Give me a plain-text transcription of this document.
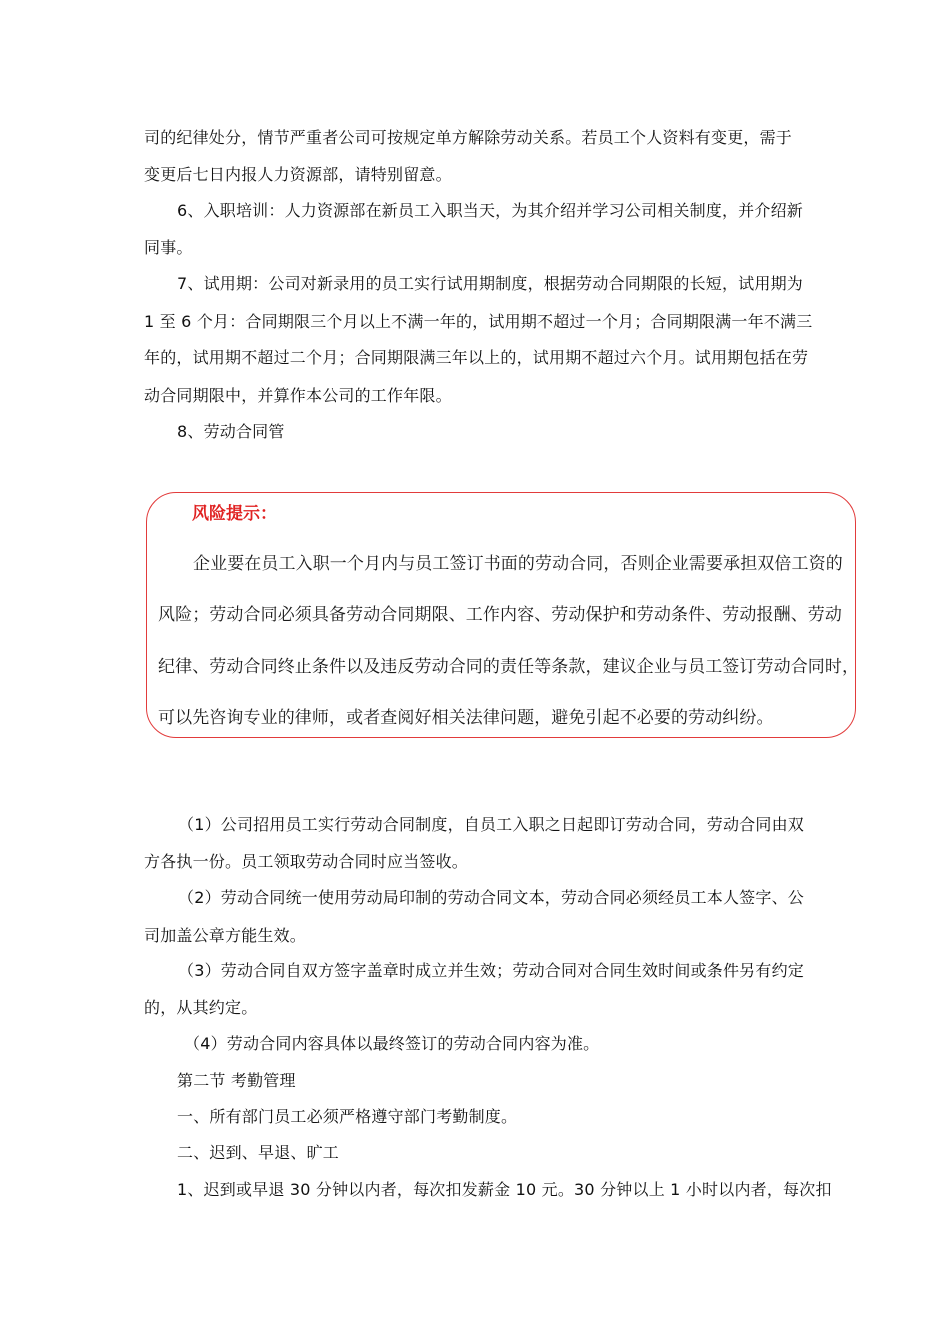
司的纪律处分，情节严重者公司可按规定单方解除劳动关系。若员工个人资料有变更，需于
变更后七日内报人力资源部，请特别留意。
6、入职培训：人力资源部在新员工入职当天，为其介绍并学习公司相关制度，并介绍新
同事。
7、试用期：公司对新录用的员工实行试用期制度，根据劳动合同期限的长短，试用期为
1 至 6 个月：合同期限三个月以上不满一年的，试用期不超过一个月；合同期限满一年不满三
年的，试用期不超过二个月；合同期限满三年以上的，试用期不超过六个月。试用期包括在劳
动合同期限中，并算作本公司的工作年限。
8、劳动合同管
风险提示：
企业要在员工入职一个月内与员工签订书面的劳动合同，否则企业需要承担双倍工资的
风险；劳动合同必须具备劳动合同期限、工作内容、劳动保护和劳动条件、劳动报酬、劳动
纪律、劳动合同终止条件以及违反劳动合同的责任等条款，建议企业与员工签订劳动合同时，
可以先咨询专业的律师，或者查阅好相关法律问题，避免引起不必要的劳动纠纷。
（1）公司招用员工实行劳动合同制度，自员工入职之日起即订劳动合同，劳动合同由双
方各执一份。员工领取劳动合同时应当签收。
（2）劳动合同统一使用劳动局印制的劳动合同文本，劳动合同必须经员工本人签字、公
司加盖公章方能生效。
（3）劳动合同自双方签字盖章时成立并生效；劳动合同对合同生效时间或条件另有约定
的，从其约定。
（4）劳动合同内容具体以最终签订的劳动合同内容为准。
第二节 考勤管理
一、所有部门员工必须严格遵守部门考勤制度。
二、迟到、早退、旷工
1、迟到或早退 30 分钟以内者，每次扣发薪金 10 元。30 分钟以上 1 小时以内者，每次扣
